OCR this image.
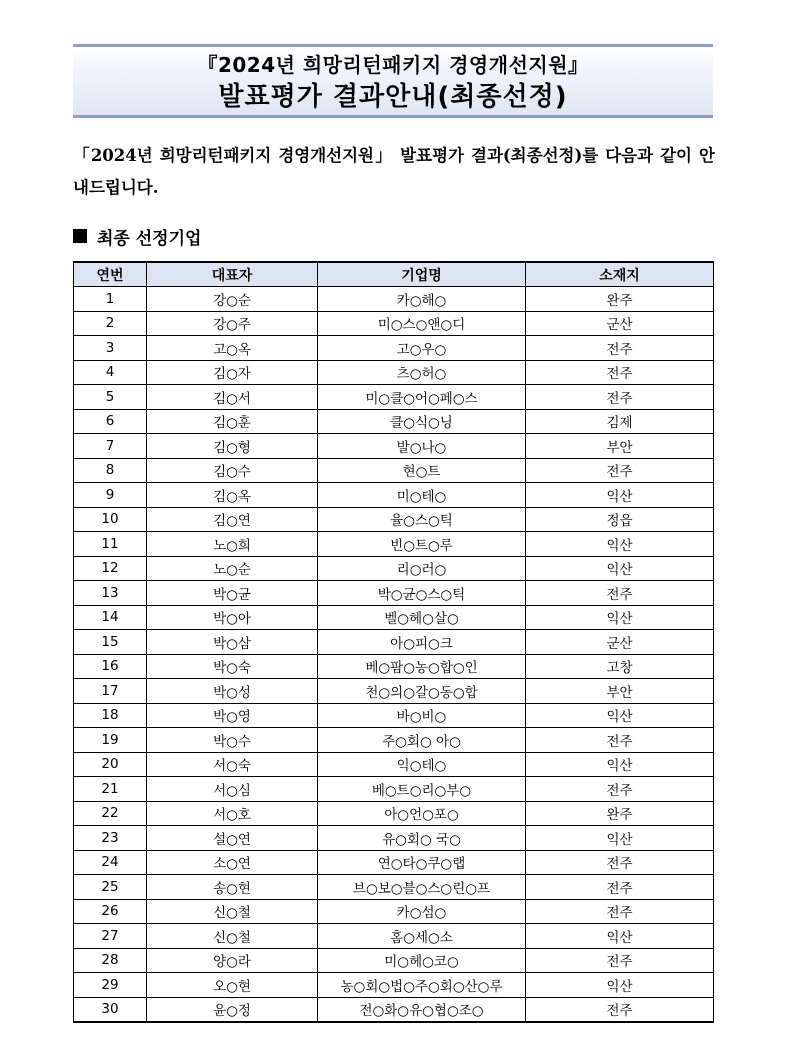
『2024년 희망리턴패키지 경영개선지원』
발표평가 결과안내(최종선정)
「2024년 희망리턴패키지 경영개선지원」 발표평가 결과(최종선정)를 다음과 같이 안내드립니다.
최종 선정기업
연번	대표자	기업명	소재지
1	강○순	카○해○	완주
2	강○주	미○스○앤○디	군산
3	고○옥	고○우○	전주
4	김○자	츠○허○	전주
5	김○서	미○클○어○페○스	전주
6	김○훈	클○식○닝	김제
7	김○형	발○나○	부안
8	김○수	현○트	전주
9	김○옥	미○테○	익산
10	김○연	율○스○틱	정읍
11	노○희	빈○트○루	익산
12	노○순	리○러○	익산
13	박○균	박○균○스○틱	전주
14	박○아	벨○헤○살○	익산
15	박○삼	아○피○크	군산
16	박○숙	베○팜○농○합○인	고창
17	박○성	천○의○갈○동○합	부안
18	박○영	바○비○	익산
19	박○수	주○회○ 아○	전주
20	서○숙	익○테○	익산
21	서○심	베○트○리○부○	전주
22	서○호	아○언○포○	완주
23	설○연	유○회○ 국○	익산
24	소○연	연○타○쿠○랩	전주
25	송○현	브○보○블○스○린○프	전주
26	신○철	카○섬○	전주
27	신○철	홈○세○소	익산
28	양○라	미○헤○코○	전주
29	오○현	농○회○법○주○회○산○루	익산
30	윤○정	전○화○유○협○조○	전주
